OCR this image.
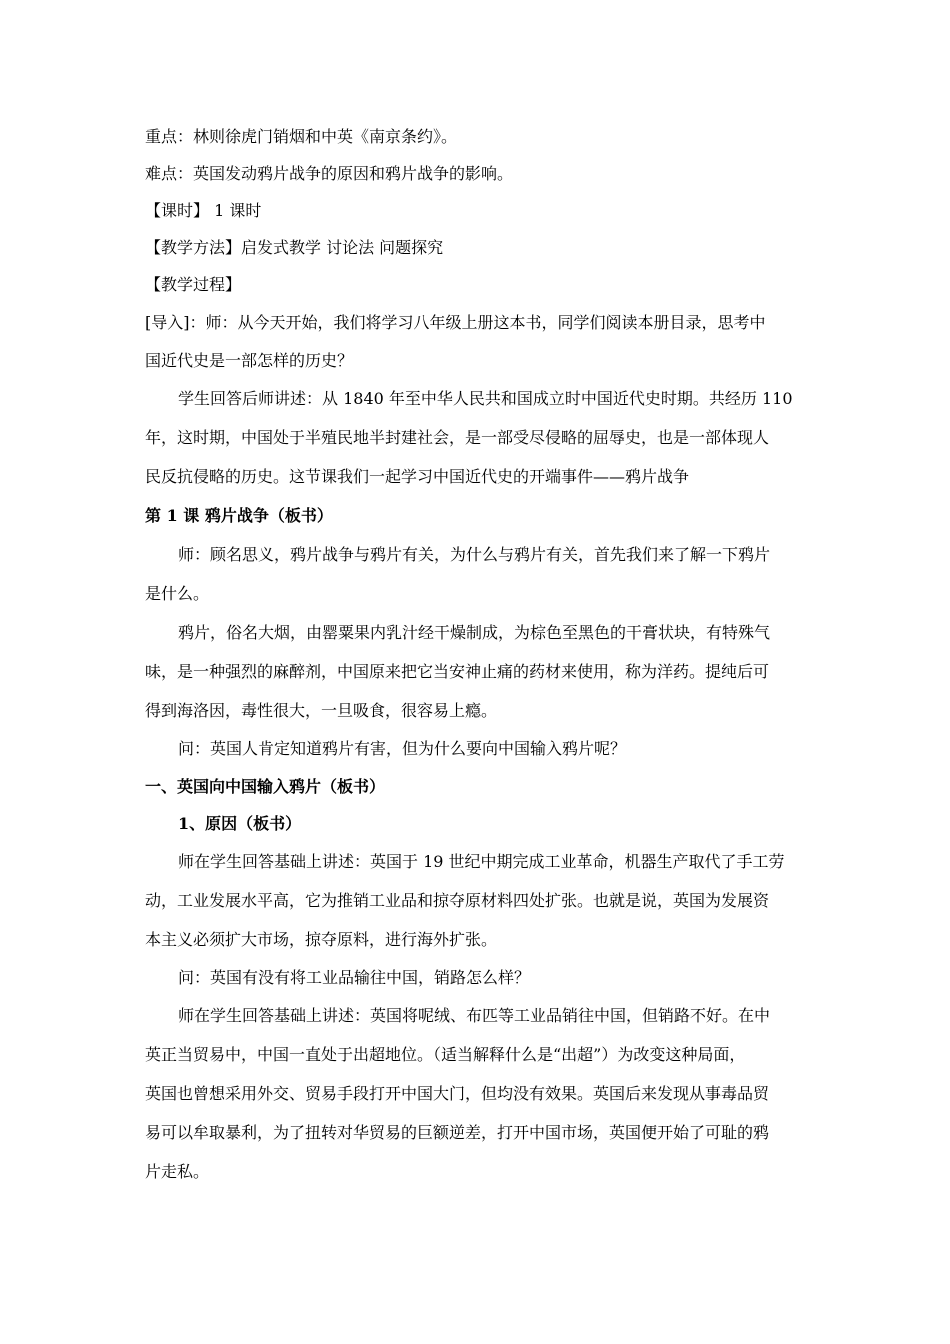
重点：林则徐虎门销烟和中英《南京条约》。
难点：英国发动鸦片战争的原因和鸦片战争的影响。
【课时】 1 课时
【教学方法】启发式教学 讨论法 问题探究
【教学过程】
[导入]：师：从今天开始，我们将学习八年级上册这本书，同学们阅读本册目录，思考中
国近代史是一部怎样的历史？
学生回答后师讲述：从 1840 年至中华人民共和国成立时中国近代史时期。共经历 110
年，这时期，中国处于半殖民地半封建社会，是一部受尽侵略的屈辱史，也是一部体现人
民反抗侵略的历史。这节课我们一起学习中国近代史的开端事件——鸦片战争
第 1 课 鸦片战争（板书）
师：顾名思义，鸦片战争与鸦片有关，为什么与鸦片有关，首先我们来了解一下鸦片
是什么。
鸦片，俗名大烟，由罂粟果内乳汁经干燥制成，为棕色至黑色的干膏状块，有特殊气
味，是一种强烈的麻醉剂，中国原来把它当安神止痛的药材来使用，称为洋药。提纯后可
得到海洛因，毒性很大，一旦吸食，很容易上瘾。
问：英国人肯定知道鸦片有害，但为什么要向中国输入鸦片呢？
一、英国向中国输入鸦片（板书）
1、原因（板书）
师在学生回答基础上讲述：英国于 19 世纪中期完成工业革命，机器生产取代了手工劳
动，工业发展水平高，它为推销工业品和掠夺原材料四处扩张。也就是说，英国为发展资
本主义必须扩大市场，掠夺原料，进行海外扩张。
问：英国有没有将工业品输往中国，销路怎么样？
师在学生回答基础上讲述：英国将呢绒、布匹等工业品销往中国，但销路不好。在中
英正当贸易中，中国一直处于出超地位。（适当解释什么是“出超”）为改变这种局面，
英国也曾想采用外交、贸易手段打开中国大门，但均没有效果。英国后来发现从事毒品贸
易可以牟取暴利，为了扭转对华贸易的巨额逆差，打开中国市场，英国便开始了可耻的鸦
片走私。
